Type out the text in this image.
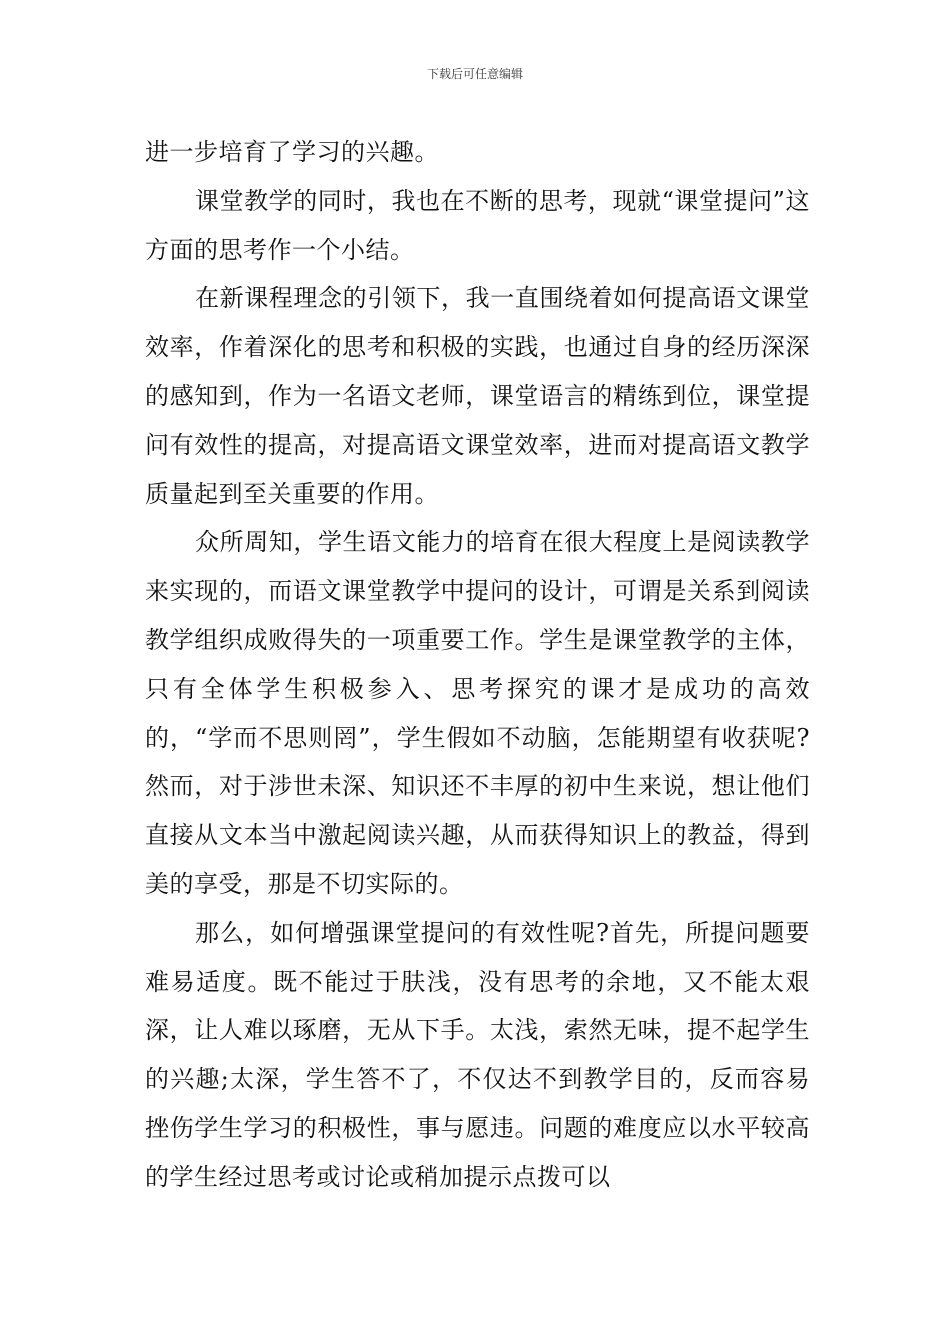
下载后可任意编辑

进一步培育了学习的兴趣。

课堂教学的同时，我也在不断的思考，现就“课堂提问”这方面的思考作一个小结。

在新课程理念的引领下，我一直围绕着如何提高语文课堂效率，作着深化的思考和积极的实践，也通过自身的经历深深的感知到，作为一名语文老师，课堂语言的精练到位，课堂提问有效性的提高，对提高语文课堂效率，进而对提高语文教学质量起到至关重要的作用。

众所周知，学生语文能力的培育在很大程度上是阅读教学来实现的，而语文课堂教学中提问的设计，可谓是关系到阅读教学组织成败得失的一项重要工作。学生是课堂教学的主体，只有全体学生积极参入、思考探究的课才是成功的高效的，“学而不思则罔”，学生假如不动脑，怎能期望有收获呢?然而，对于涉世未深、知识还不丰厚的初中生来说，想让他们直接从文本当中激起阅读兴趣，从而获得知识上的教益，得到美的享受，那是不切实际的。

那么，如何增强课堂提问的有效性呢?首先，所提问题要难易适度。既不能过于肤浅，没有思考的余地，又不能太艰深，让人难以琢磨，无从下手。太浅，索然无味，提不起学生的兴趣;太深，学生答不了，不仅达不到教学目的，反而容易挫伤学生学习的积极性，事与愿违。问题的难度应以水平较高的学生经过思考或讨论或稍加提示点拨可以
